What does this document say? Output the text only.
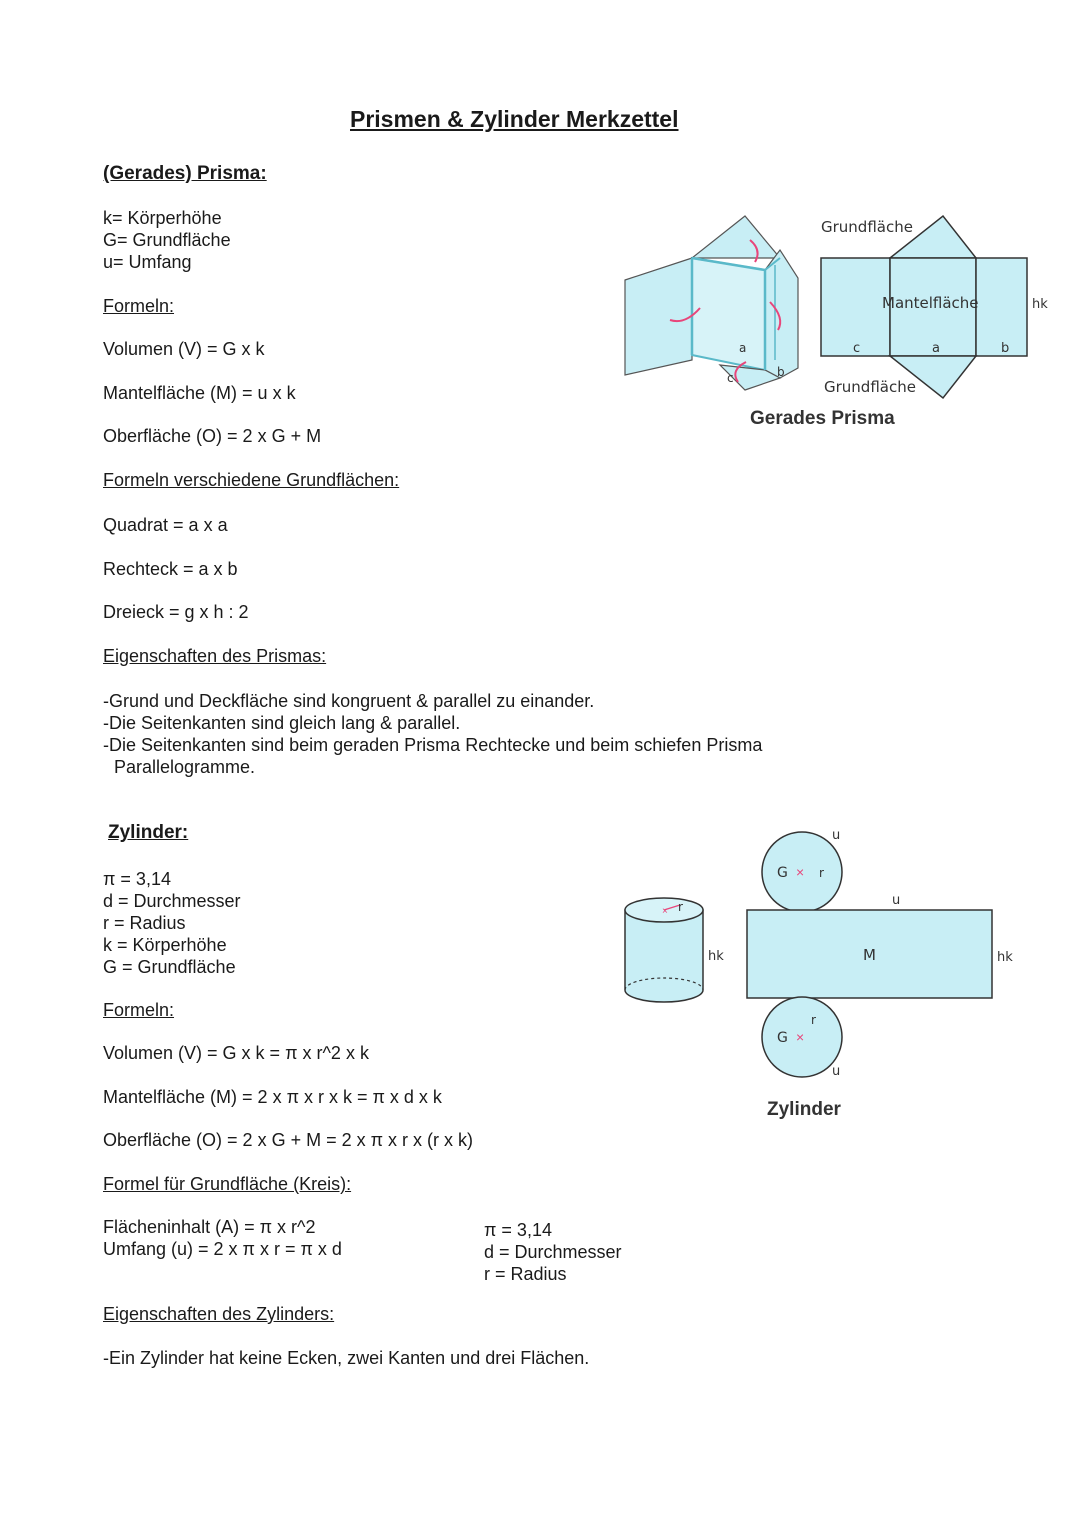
Prismen & Zylinder Merkzettel
(Gerades) Prisma:
k= Körperhöhe
G= Grundfläche
u= Umfang
Formeln:
Volumen (V) = G x k
Mantelfläche (M) = u x k
Oberfläche (O) = 2 x G + M
Formeln verschiedene Grundflächen:
Quadrat = a x a
Rechteck = a x b
Dreieck = g x h : 2
Eigenschaften des Prismas:
-Grund und Deckfläche sind kongruent & parallel zu einander.
-Die Seitenkanten sind gleich lang & parallel.
-Die Seitenkanten sind beim geraden Prisma Rechtecke und beim schiefen Prisma
Parallelogramme.
a
c	b
Grundfläche
Mantelfläche
c	a	b
hk
Grundfläche
Gerades Prisma
Zylinder:
π = 3,14
d = Durchmesser
r = Radius
k = Körperhöhe
G = Grundfläche
Formeln:
Volumen (V) = G x k = π x r^2 x k
Mantelfläche (M) = 2 x π x r x k = π x d x k
Oberfläche (O) = 2 x G + M = 2 x π x r x (r x k)
Formel für Grundfläche (Kreis):
Flächeninhalt (A) = π x r^2
Umfang (u) = 2 x π x r = π x d
π = 3,14
d = Durchmesser
r = Radius
Eigenschaften des Zylinders:
-Ein Zylinder hat keine Ecken, zwei Kanten und drei Flächen.
× r
hk
G × r
u
u
M	hk
G ×
r
u
Zylinder
